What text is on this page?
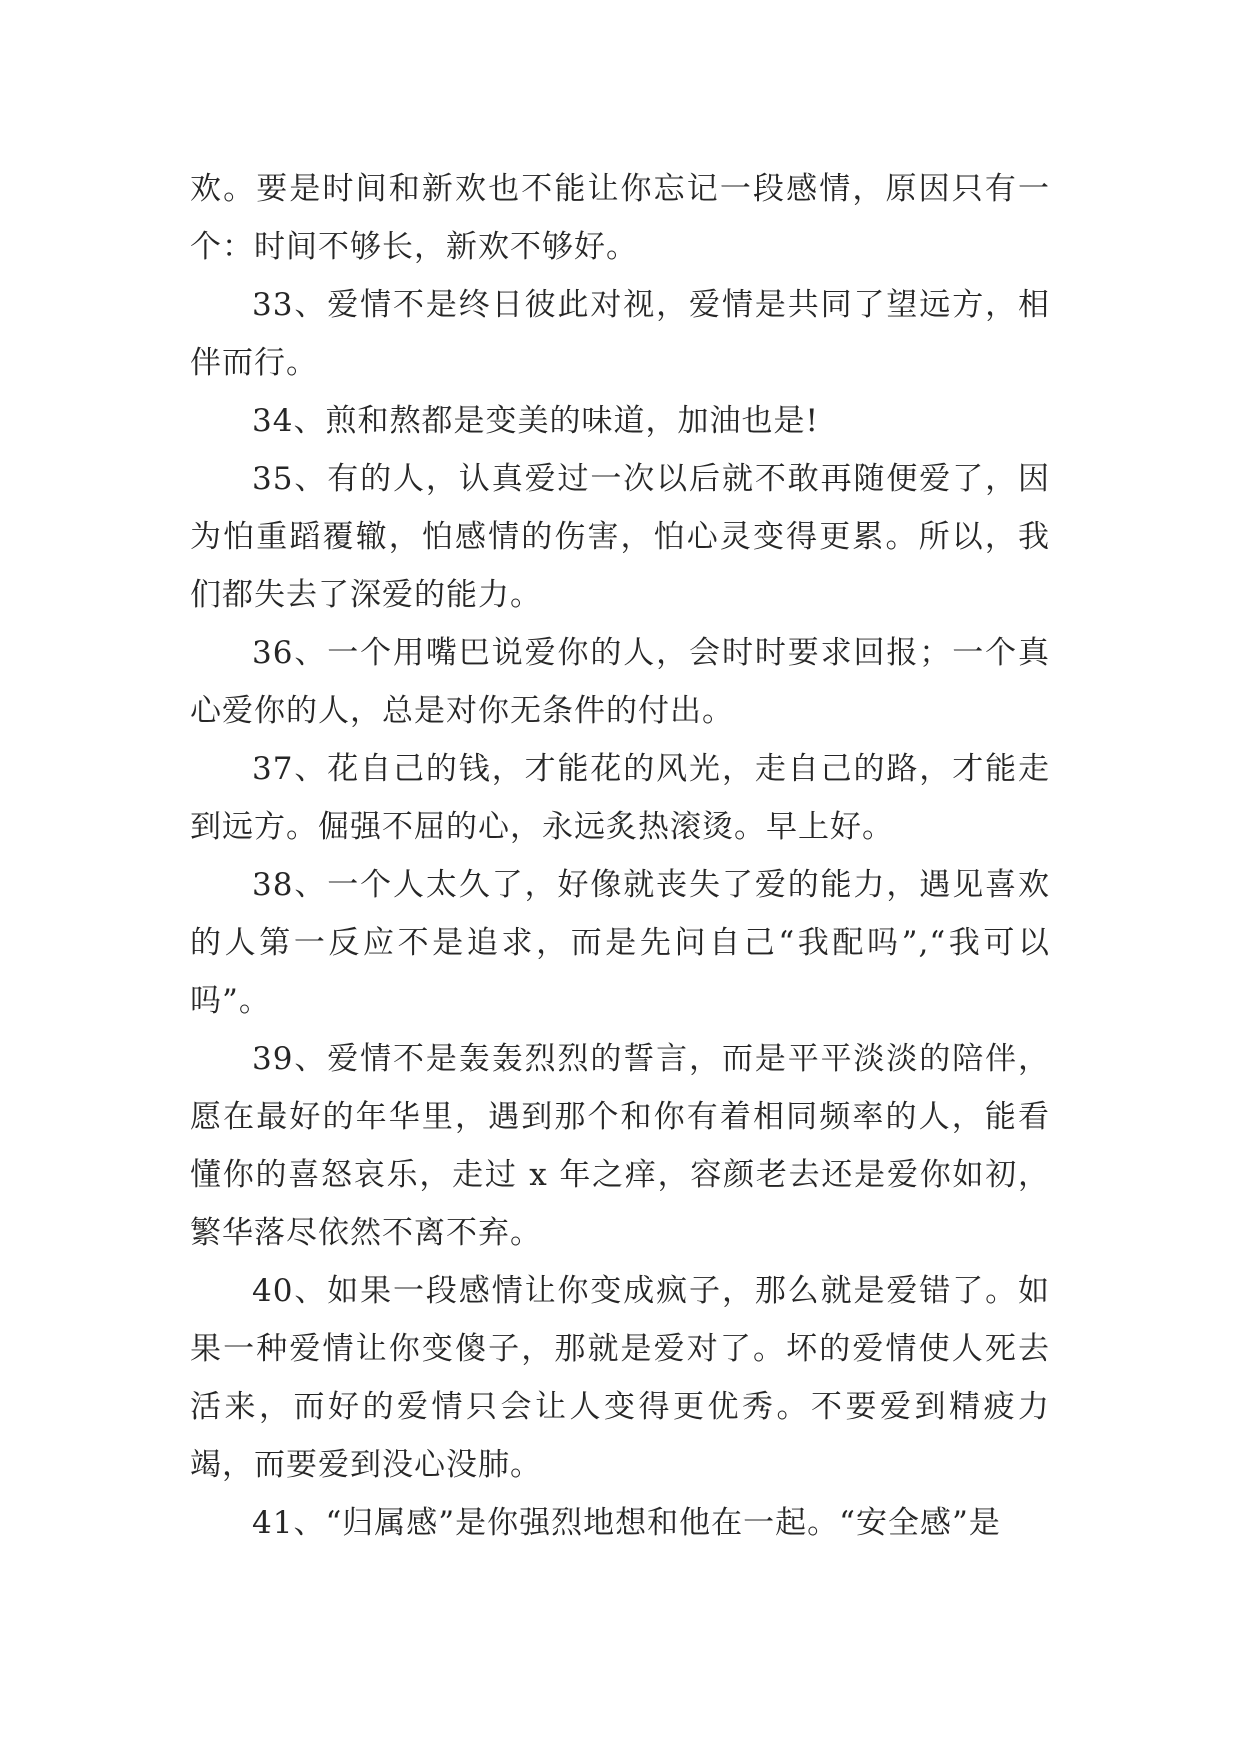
欢。要是时间和新欢也不能让你忘记一段感情，原因只有一个：时间不够长，新欢不够好。

33、爱情不是终日彼此对视，爱情是共同了望远方，相伴而行。

34、煎和熬都是变美的味道，加油也是!

35、有的人，认真爱过一次以后就不敢再随便爱了，因为怕重蹈覆辙，怕感情的伤害，怕心灵变得更累。所以，我们都失去了深爱的能力。

36、一个用嘴巴说爱你的人，会时时要求回报；一个真心爱你的人，总是对你无条件的付出。

37、花自己的钱，才能花的风光，走自己的路，才能走到远方。倔强不屈的心，永远炙热滚烫。早上好。

38、一个人太久了，好像就丧失了爱的能力，遇见喜欢的人第一反应不是追求，而是先问自己“我配吗”,“我可以吗”。

39、爱情不是轰轰烈烈的誓言，而是平平淡淡的陪伴，愿在最好的年华里，遇到那个和你有着相同频率的人，能看懂你的喜怒哀乐，走过 x 年之痒，容颜老去还是爱你如初，繁华落尽依然不离不弃。

40、如果一段感情让你变成疯子，那么就是爱错了。如果一种爱情让你变傻子，那就是爱对了。坏的爱情使人死去活来，而好的爱情只会让人变得更优秀。不要爱到精疲力竭，而要爱到没心没肺。

41、“归属感”是你强烈地想和他在一起。“安全感”是
